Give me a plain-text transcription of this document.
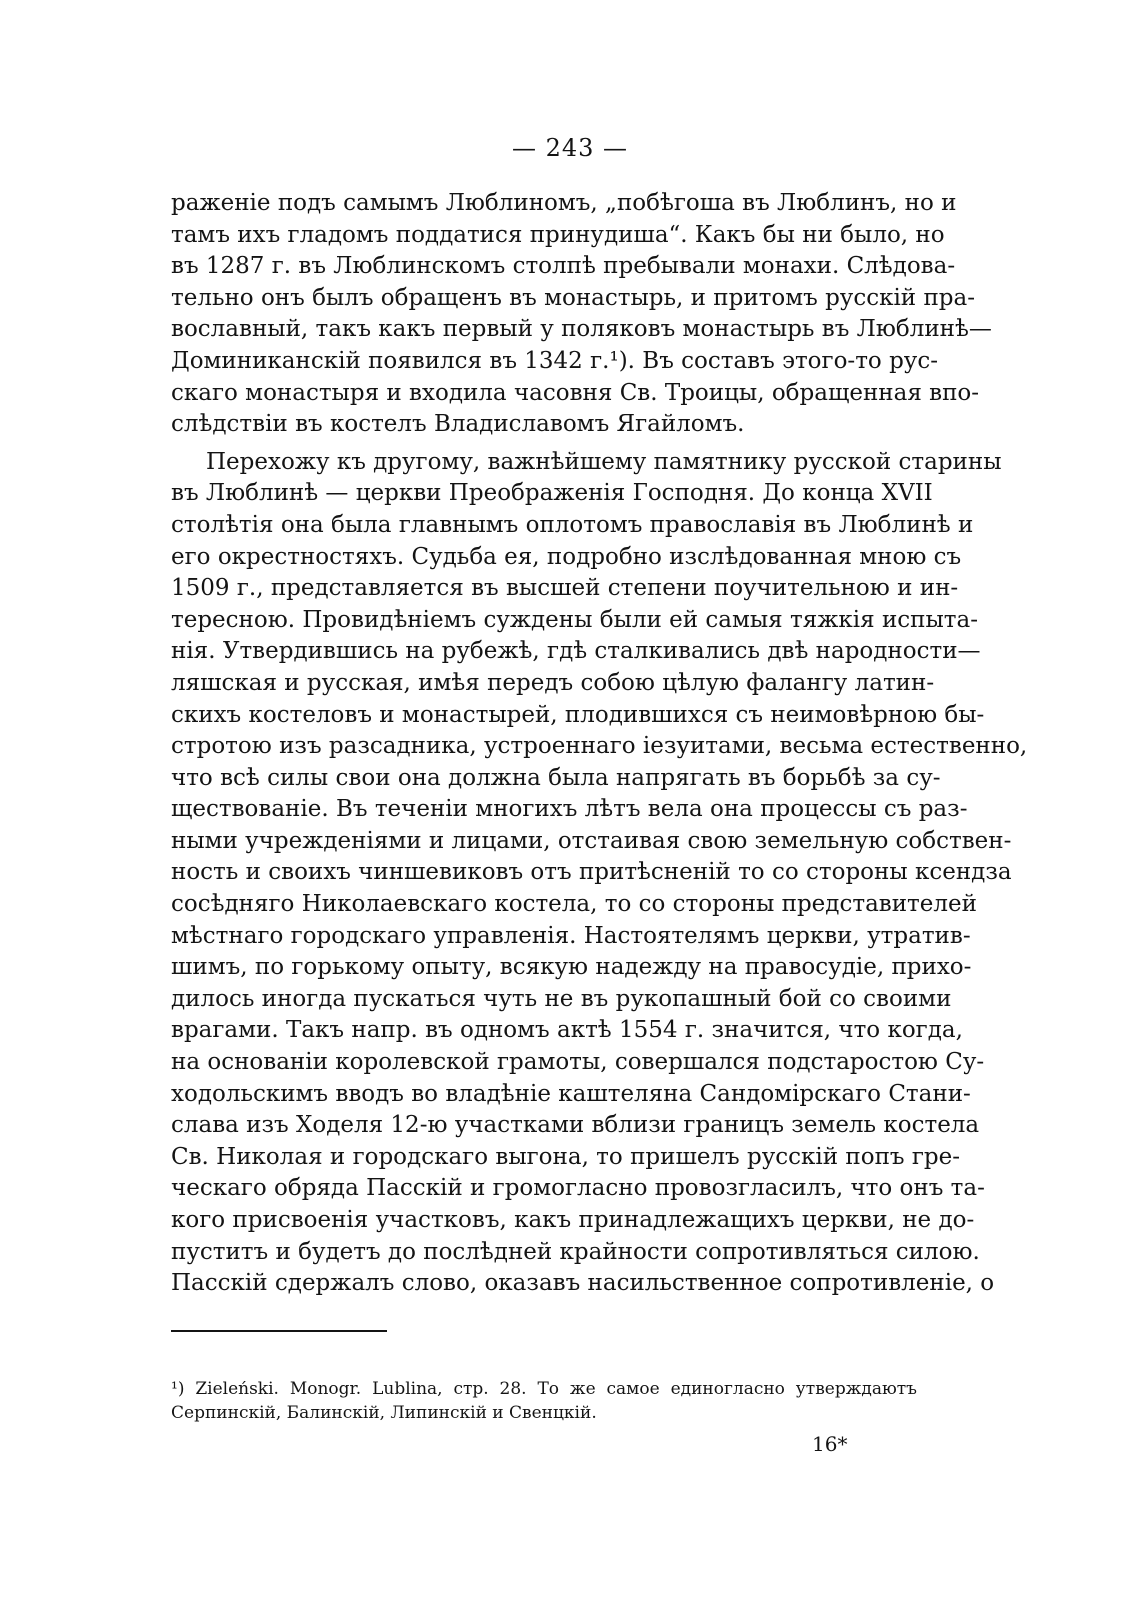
— 243 —
раженіе подъ самымъ Люблиномъ, „побѣгоша въ Люблинъ, но и
тамъ ихъ гладомъ поддатися принудиша“. Какъ бы ни было, но
въ 1287 г. въ Люблинскомъ столпѣ пребывали монахи. Слѣдова-
тельно онъ былъ обращенъ въ монастырь, и притомъ русскій пра-
вославный, такъ какъ первый у поляковъ монастырь въ Люблинѣ—
Доминиканскій появился въ 1342 г.¹). Въ составъ этого-то рус-
скаго монастыря и входила часовня Св. Троицы, обращенная впо-
слѣдствіи въ костелъ Владиславомъ Ягайломъ.
Перехожу къ другому, важнѣйшему памятнику русской старины
въ Люблинѣ — церкви Преображенія Господня. До конца XVII
столѣтія она была главнымъ оплотомъ православія въ Люблинѣ и
его окрестностяхъ. Судьба ея, подробно изслѣдованная мною съ
1509 г., представляется въ высшей степени поучительною и ин-
тересною. Провидѣніемъ суждены были ей самыя тяжкія испыта-
нія. Утвердившись на рубежѣ, гдѣ сталкивались двѣ народности—
ляшская и русская, имѣя передъ собою цѣлую фалангу латин-
скихъ костеловъ и монастырей, плодившихся съ неимовѣрною бы-
стротою изъ разсадника, устроеннаго іезуитами, весьма естественно,
что всѣ силы свои она должна была напрягать въ борьбѣ за су-
ществованіе. Въ теченіи многихъ лѣтъ вела она процессы съ раз-
ными учрежденіями и лицами, отстаивая свою земельную собствен-
ность и своихъ чиншевиковъ отъ притѣсненій то со стороны ксендза
сосѣдняго Николаевскаго костела, то со стороны представителей
мѣстнаго городскаго управленія. Настоятелямъ церкви, утратив-
шимъ, по горькому опыту, всякую надежду на правосудіе, прихо-
дилось иногда пускаться чуть не въ рукопашный бой со своими
врагами. Такъ напр. въ одномъ актѣ 1554 г. значится, что когда,
на основаніи королевской грамоты, совершался подстаростою Су-
ходольскимъ вводъ во владѣніе каштеляна Сандомірскаго Стани-
слава изъ Ходеля 12-ю участками вблизи границъ земель костела
Св. Николая и городскаго выгона, то пришелъ русскій попъ гре-
ческаго обряда Пасскій и громогласно провозгласилъ, что онъ та-
кого присвоенія участковъ, какъ принадлежащихъ церкви, не до-
пуститъ и будетъ до послѣдней крайности сопротивляться силою.
Пасскій сдержалъ слово, оказавъ насильственное сопротивленіе, о
¹) Zieleński. Monogr. Lublina, стр. 28. То же самое единогласно утверждаютъ
Серпинскій, Балинскій, Липинскій и Свенцкій.
16*
